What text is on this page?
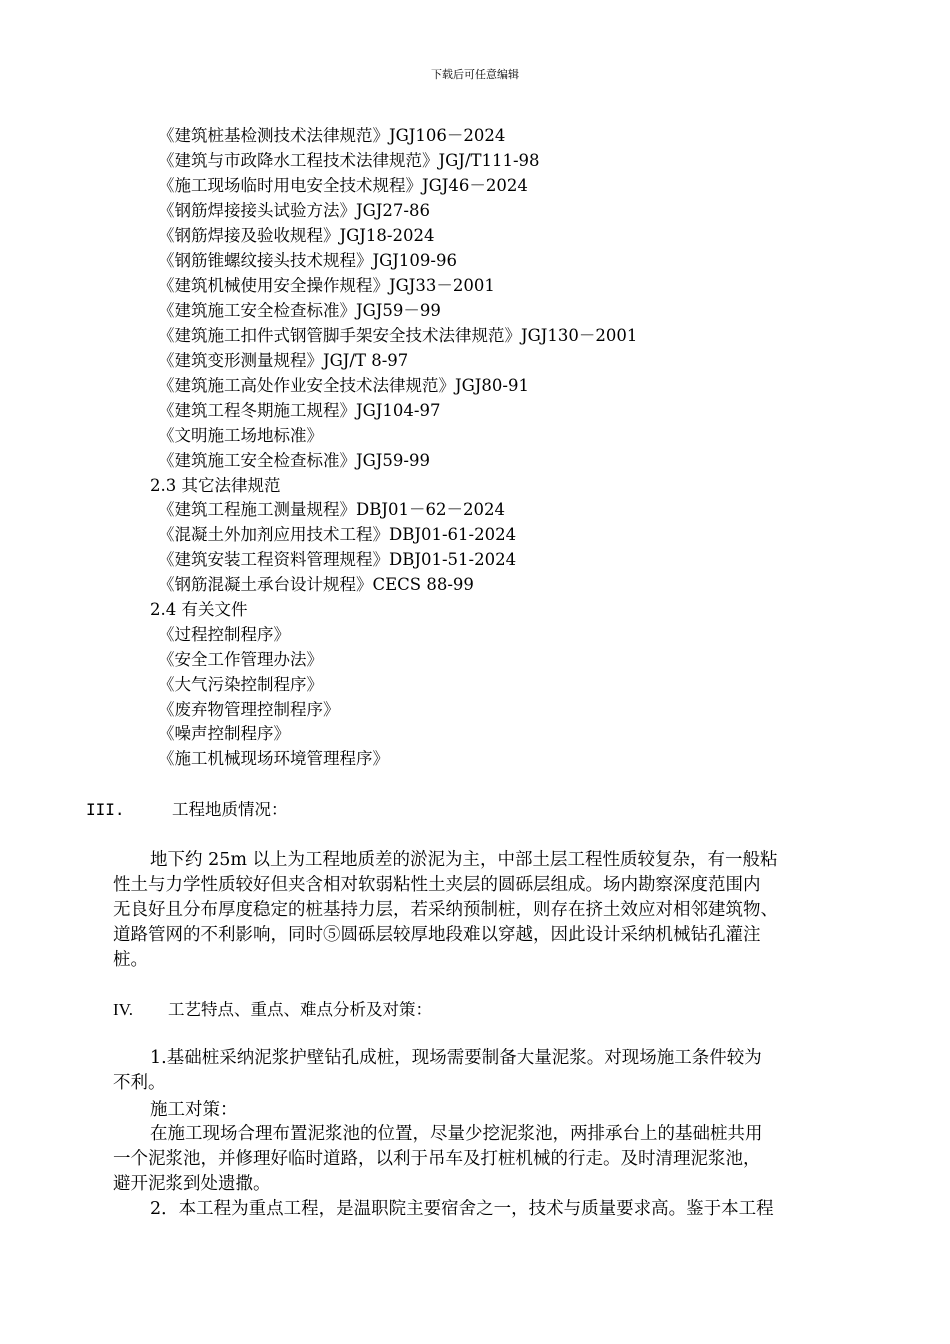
下载后可任意编辑
《建筑桩基检测技术法律规范》JGJ106－2024
《建筑与市政降水工程技术法律规范》JGJ/T111-98
《施工现场临时用电安全技术规程》JGJ46－2024
《钢筋焊接接头试验方法》JGJ27-86
《钢筋焊接及验收规程》JGJ18-2024
《钢筋锥螺纹接头技术规程》JGJ109-96
《建筑机械使用安全操作规程》JGJ33－2001
《建筑施工安全检查标准》JGJ59－99
《建筑施工扣件式钢管脚手架安全技术法律规范》JGJ130－2001
《建筑变形测量规程》JGJ/T 8-97
《建筑施工高处作业安全技术法律规范》JGJ80-91
《建筑工程冬期施工规程》JGJ104-97
《文明施工场地标准》
《建筑施工安全检查标准》JGJ59-99
2.3 其它法律规范
《建筑工程施工测量规程》DBJ01－62－2024
《混凝土外加剂应用技术工程》DBJ01-61-2024
《建筑安装工程资料管理规程》DBJ01-51-2024
《钢筋混凝土承台设计规程》CECS 88-99
2.4 有关文件
《过程控制程序》
《安全工作管理办法》
《大气污染控制程序》
《废弃物管理控制程序》
《噪声控制程序》
《施工机械现场环境管理程序》
III.	工程地质情况：
地下约 25m 以上为工程地质差的淤泥为主，中部土层工程性质较复杂，有一般粘
性土与力学性质较好但夹含相对软弱粘性土夹层的圆砾层组成。场内勘察深度范围内
无良好且分布厚度稳定的桩基持力层，若采纳预制桩，则存在挤土效应对相邻建筑物、
道路管网的不利影响，同时⑤圆砾层较厚地段难以穿越，因此设计采纳机械钻孔灌注
桩。
IV. 工艺特点、重点、难点分析及对策：
1.基础桩采纳泥浆护壁钻孔成桩，现场需要制备大量泥浆。对现场施工条件较为
不利。
施工对策：
在施工现场合理布置泥浆池的位置，尽量少挖泥浆池，两排承台上的基础桩共用
一个泥浆池，并修理好临时道路，以利于吊车及打桩机械的行走。及时清理泥浆池，
避开泥浆到处遗撒。
2．本工程为重点工程，是温职院主要宿舍之一，技术与质量要求高。鉴于本工程
